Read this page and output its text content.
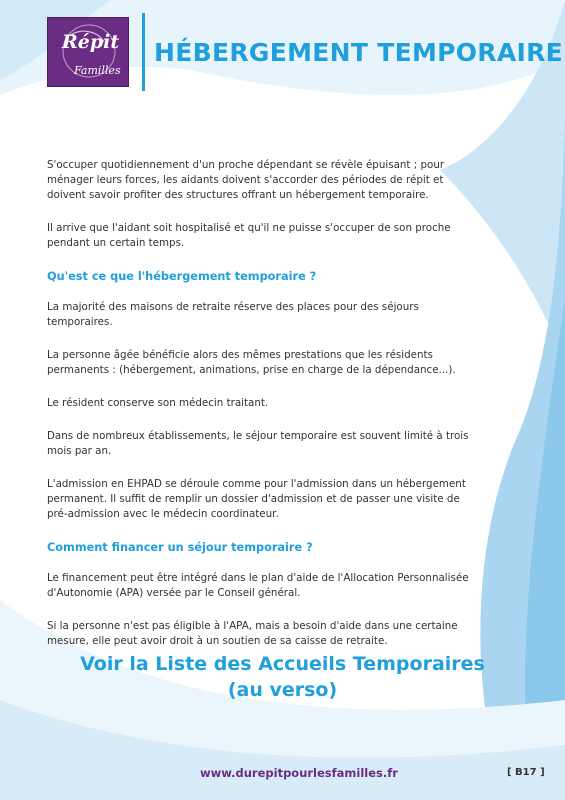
Répit
Familles
HÉBERGEMENT TEMPORAIRE

S'occuper quotidiennement d'un proche dépendant se révèle épuisant ; pour ménager leurs forces, les aidants doivent s'accorder des périodes de répit et doivent savoir profiter des structures offrant un hébergement temporaire.

Il arrive que l'aidant soit hospitalisé et qu'il ne puisse s'occuper de son proche pendant un certain temps.

Qu'est ce que l'hébergement temporaire ?

La majorité des maisons de retraite réserve des places pour des séjours temporaires.

La personne âgée bénéficie alors des mêmes prestations que les résidents permanents : (hébergement, animations, prise en charge de la dépendance...).

Le résident conserve son médecin traitant.

Dans de nombreux établissements, le séjour temporaire est souvent limité à trois mois par an.

L'admission en EHPAD se déroule comme pour l'admission dans un hébergement permanent. Il suffit de remplir un dossier d'admission et de passer une visite de pré-admission avec le médecin coordinateur.

Comment financer un séjour temporaire ?

Le financement peut être intégré dans le plan d'aide de l'Allocation Personnalisée d'Autonomie (APA) versée par le Conseil général.

Si la personne n'est pas éligible à l'APA, mais a besoin d'aide dans une certaine mesure, elle peut avoir droit à un soutien de sa caisse de retraite.

Voir la Liste des Accueils Temporaires
(au verso)
www.durepitpourlesfamilles.fr	[ B17 ]
